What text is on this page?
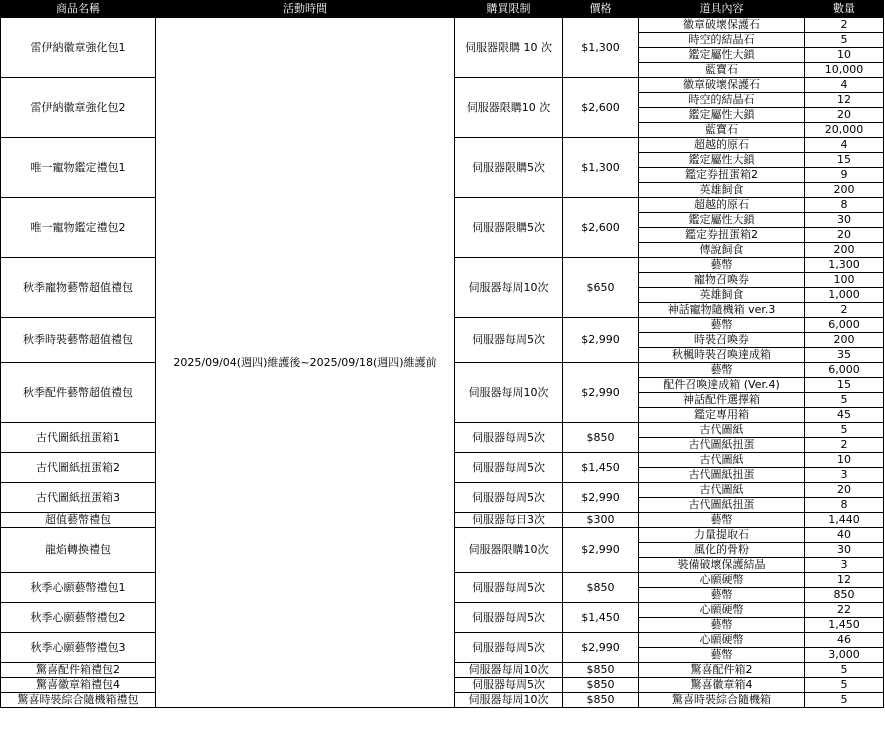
商品名稱	活動時間	購買限制	價格	道具內容	數量
雷伊納徽章強化包1	2025/09/04(週四)維護後~2025/09/18(週四)維護前	伺服器限購 10 次	$1,300	徽章破壞保護石	2
				時空的結晶石	5
				鑑定屬性大鎖	10
				藍寶石	10,000
雷伊納徽章強化包2		伺服器限購10 次	$2,600	徽章破壞保護石	4
				時空的結晶石	12
				鑑定屬性大鎖	20
				藍寶石	20,000
唯一寵物鑑定禮包1		伺服器限購5次	$1,300	超越的原石	4
				鑑定屬性大鎖	15
				鑑定券扭蛋箱2	9
				英雄飼食	200
唯一寵物鑑定禮包2		伺服器限購5次	$2,600	超越的原石	8
				鑑定屬性大鎖	30
				鑑定券扭蛋箱2	20
				傳說飼食	200
秋季寵物藝幣超值禮包		伺服器每周10次	$650	藝幣	1,300
				寵物召喚券	100
				英雄飼食	1,000
				神話寵物隨機箱 ver.3	2
秋季時裝藝幣超值禮包		伺服器每周5次	$2,990	藝幣	6,000
				時裝召喚券	200
				秋楓時裝召喚達成箱	35
秋季配件藝幣超值禮包		伺服器每周10次	$2,990	藝幣	6,000
				配件召喚達成箱 (Ver.4)	15
				神話配件選擇箱	5
				鑑定專用箱	45
古代圖紙扭蛋箱1		伺服器每周5次	$850	古代圖紙	5
				古代圖紙扭蛋	2
古代圖紙扭蛋箱2		伺服器每周5次	$1,450	古代圖紙	10
				古代圖紙扭蛋	3
古代圖紙扭蛋箱3		伺服器每周5次	$2,990	古代圖紙	20
				古代圖紙扭蛋	8
超值藝幣禮包		伺服器每日3次	$300	藝幣	1,440
龍焰轉換禮包		伺服器限購10次	$2,990	力量提取石	40
				風化的骨粉	30
				裝備破壞保護結晶	3
秋季心願藝幣禮包1		伺服器每周5次	$850	心願硬幣	12
				藝幣	850
秋季心願藝幣禮包2		伺服器每周5次	$1,450	心願硬幣	22
				藝幣	1,450
秋季心願藝幣禮包3		伺服器每周5次	$2,990	心願硬幣	46
				藝幣	3,000
驚喜配件箱禮包2		伺服器每周10次	$850	驚喜配件箱2	5
驚喜徽章箱禮包4		伺服器每周5次	$850	驚喜徽章箱4	5
驚喜時裝綜合隨機箱禮包		伺服器每周10次	$850	驚喜時裝綜合隨機箱	5
